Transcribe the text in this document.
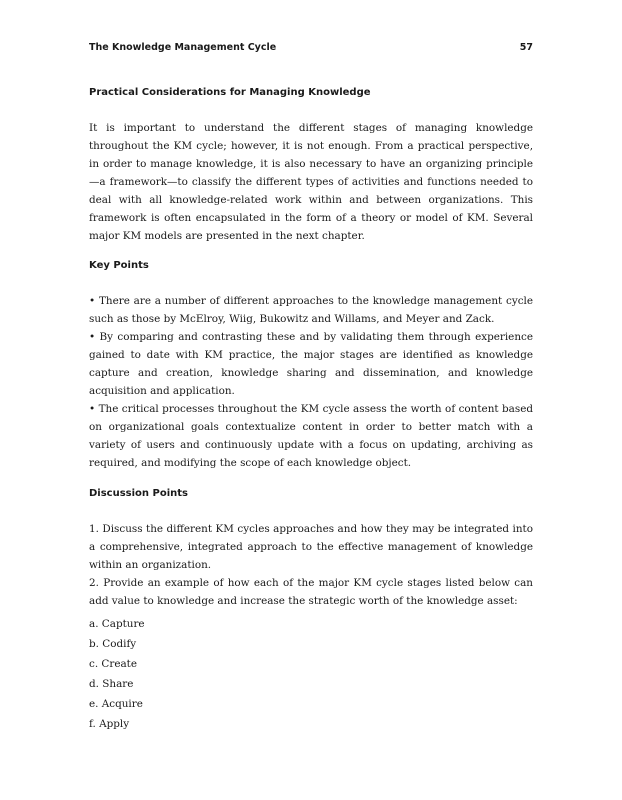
The Knowledge Management Cycle	57
Practical Considerations for Managing Knowledge

It is important to understand the different stages of managing knowledge throughout the KM cycle; however, it is not enough. From a practical perspective, in order to manage knowledge, it is also necessary to have an organizing principle—a framework—to classify the different types of activities and functions needed to deal with all knowledge-related work within and between organizations. This framework is often encapsulated in the form of a theory or model of KM. Several major KM models are presented in the next chapter.

Key Points

• There are a number of different approaches to the knowledge management cycle such as those by McElroy, Wiig, Bukowitz and Willams, and Meyer and Zack.

• By comparing and contrasting these and by validating them through experience gained to date with KM practice, the major stages are identified as knowledge capture and creation, knowledge sharing and dissemination, and knowledge acquisition and application.

• The critical processes throughout the KM cycle assess the worth of content based on organizational goals contextualize content in order to better match with a variety of users and continuously update with a focus on updating, archiving as required, and modifying the scope of each knowledge object.

Discussion Points

1. Discuss the different KM cycles approaches and how they may be integrated into a comprehensive, integrated approach to the effective management of knowledge within an organization.

2. Provide an example of how each of the major KM cycle stages listed below can add value to knowledge and increase the strategic worth of the knowledge asset:

a. Capture
b. Codify
c. Create
d. Share
e. Acquire
f. Apply
